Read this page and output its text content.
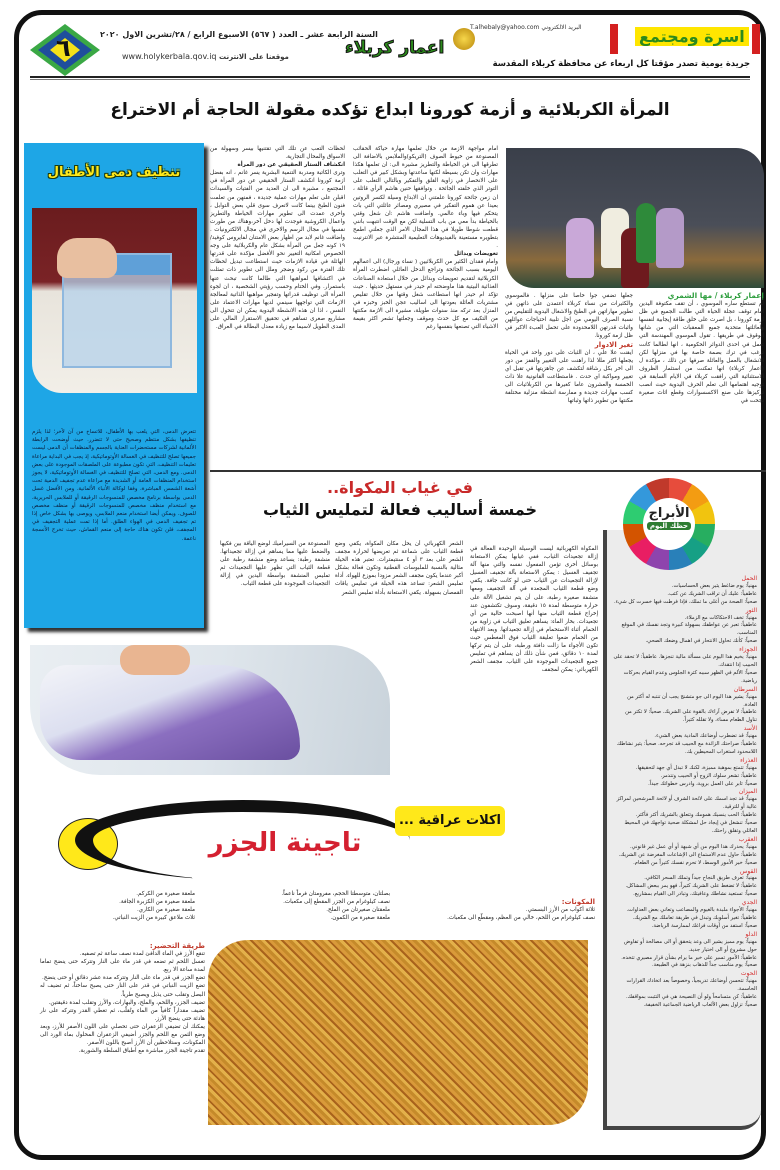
٦	السنة الرابعة عشر ـ العدد ( ٥٦٧) الاسبوع الرابع / ٢٨/تشرين الاول ٢٠٢٠
موقعنا على الانترنت www.holykerbala.qov.iq	اعمار كربلاء
البريد الالكتروني T.alhebaly@yahoo.com	اسرة ومجتمع
جريدة يومية تصدر مؤقتا كل اربعاء عن محافظة كربلاء المقدسة
المرأة الكربلائية و أزمة كورونا ابداع تؤكده مقولة الحاجة أم الاختراع
تنظيف دمى الأطفال
تتعرض الدمى، التي يلعب بها الأطفال، للاتساخ من آن لآخر؛ لذا يلزم تنظيفها بشكل منتظم وصحيح حتى لا تتضرر. حيث أوضحت الرابطة الألمانية لشركات مستحضرات العناية بالجسم والمنظفات أن الدمى ليست جميعها تصلح للتنظيف في الغسالة الأوتوماتيكية، إذ يجب في البداية مراعاة تعليمات التنظيف، التي تكون مطبوعة على الملصقات الموجودة على بعض الدمى. ومع الدمى، التي تصلح للتنظيف في الغسالة الأوتوماتيكية، لا يجوز استخدام المنظفات العامة أو الشديدة مع مراعاة عدم تجفيف الدمية تحت أشعة الشمس المباشرة، وفقا لوكالة الأنباء الألمانية. ومن الأفضل غسل الدمى بواسطة برنامج مخصص للمنسوجات الرقيقة أو للملابس الحريرية، مع استخدام منظف مخصص للمنسوجات الرقيقة أو منظف مخصص للصوف. ويمكن أيضا استخدام منعم الملابس، ويوصى بها بشكل خاص إذا تم تجفيف الدمى في الهواء الطلق. أما إذا تمت عملية التجفيف في المجفف، فلن تكون هناك حاجة إلى منعم القماش، حيث تخرج الأنسجة ناعمة.
لحظات التعب عن تلك التي تقتنيها بيسر وسهولة من الاسواق والمحال التجارية.
انكشاف الستار الحقيقي عن دور المرأة
وترى الكاتبة ومدربة التنمية البشرية يسر غانم ، انه بفضل ازمة كورونا انكشف الستار الحقيقي عن دور المرأة في المجتمع ، مشيرة الى ان العديد من الفتيات والسيدات اقبلن على تعلم مهارات عملية جديدة ، فمنهن من تعلمت فنون الطبخ بينما كانت لاتعرف سوى قلي بعض التوابل ، واخرى عمدت الى تطوير مهارات الخياطة والتطريز واعمال الكروشية فوجدت لها دخل آخر،وهناك من طورت نفسها في مجال الرسم والاخرى في مجال الالكترونيات . واضافت غانم لابد من اظهار بعض الامتنان لفايروس كوفيد/١٩ كونه جعل من المرأة بشكل عام والكربلائية على وجه الخصوص امكانية التغيير نحو الأفضل مؤكدة على قدرتها الهائلة في قيادة الازمات حيث استطاعت تبديل لحظات تلك الفترة من ركود وضجر وملل الى تطوير ذات تمثلت في اكتشافها لمواهبها التي طالما كانت تبحث عنها باستمرار. وفي الختام وحسب رؤيتي الشخصية ، ان لجوء المرأة الى توظيف قدراتها وتفجير مواهبها الذاتية لمعالجة الازمات التي تواجهها سينمي لديها مهارات الاعتماد على النفس ، اذا ان هذه الانشطة اليدوية يمكن ان تتحول الى مشاريع صغرى تساهم في تحقيق الاستقرار المالي على المدى الطويل لاسيما مع زيادة معدل البطالة في العراق.
امام مواجهة الازمة من خلال تعلمها مهارة حياكة الحقائب المصنوعة من خيوط الصوف (التريكو)والملابس بالاضافة الى تطرقها الى فن الخياطة والتطريز مشيرة الى: ان تعلمها هكذا مهارات وان تكن بسيطة لكنها ساعدتها وبشكل كبير في التغلب على الانحصار في زاوية القلق والتفكير وبالتالي التغلب على التوتر الذي خلفته الجائحة . وتوافقها حنين هاشم الرأي قائلة ، ان زمن جائحة كورونا علمتني ان الابداع وسيلة لكسر الروتين بعيدا عن هموم التفكير في مصيري ومصائر عائلتي التي بات يتحكم فيها وباء عالمي. واضافت هاشم :ان شغل وقتي بالخياطة بدأ معي من باب التسلية لكن مع الوقت انتبهت بانني قطعت شوطا طويلا في هذا المجال الامر الذي جعلني اطمح بتطويره مستعينة بالفيديوهات التعليمية المنتشرة عبر الانترنيت .
تعويضات وبدائل
وامام فقدان الكثير من الكربلائيين ( نساء ورجال) الى اعمالهم اليومية بسبب الجائحة وتراجع الدخل العائلي اضطرت المرأة الكربلائية لتقديم تعويضات وبدائل من خلال استعادة الصناعات الغذائية البيتية هذا ماوضحته ام حيدر في مستهل حديثها . حيث تؤكد ام حيدر انها استطاعت شغل وقتها من خلال تقليص مشتريات العائلة بعودتها الى اساليب عجن الخبز وخبزه في المنزل بعد تركه منذ سنوات طويلة، مشيرة الى الازمة مكنتها من التكيف مع كل حدث وموقف وجعلتها تشعر اكثر بقيمة الاشياء التي تصنعها بنفسها رغم
إعمار كربلاء / مها الشمري
لم تستطع ساره الموسوي ، أن تقف مكتوفة اليدين امام توقف عجلة الحياة التي طالت الجميع في ظل ازمة كورونا ، بل اصرت على خلق طاقة إيجابية لنفسها ولعائلتها متحدية جميع المعقبات التي من شانها الوقوف في طريقها . تقول الموسوي المهندسة التي تعمل في احدى الدوائر الحكومية ، انها لطالما كانت ترغب في ترك بصمة خاصة بها في منزلها لكن الانشغال بالعمل والعائلة صرفها عن ذلك ، مؤكدة ل (اعمار كربلاء) انها تمكنت من استثمار الظروف الاستثنائية التي رافقت كربلاء في الايام السابقة في توجيه اهتمامها الى تعلم الحرف اليدوية حيث انصب تركيزها على صنع الاكسسوارات وقطع اثاث صغيرة نجحت في
جعلها تضفي جوا خاصا على منزلها . فالموسوي والكثيرات من نساء كربلاء اعتمدن على ذاتهن في تطوير مهاراتهن في الطبخ والاشغال اليدوية للتقليص من نسبة الصرف اليومي من اجل تلبية احتياجات عوائلهن واثبات قدرتهن اللامحدودة على تحمل العبء الاكبر في ظل ازمة كورونا.
تغير الادوار
ايقنت علا علي ، ان الثبات على دور واحد في الحياة يجعلها اكثر مللا لذا راهنت على التغيير والقفز من دور الى اخر بكل رشاقة لتكشف عن جاهزيتها في تقبل اي تغيير ومواكبة اي حدث . فاستطاعت القانونية علا ذات الخمسة والعشرون عاما كغيرها من الكربلائيات الى كسب مهارات جديدة و ممارسة انشطة منزلية مختلفة مكنتها من تطوير ذاتها وثباتها
في غياب المكواة..
خمسة أساليب فعالة لتمليس الثياب
المكواة الكهربائية ليست الوسيلة الوحيدة الفعالة في إزالة تجعيدات الثياب، ففي غيابها يمكن الاستعانة بوسائل أخرى تؤمن المفعول نفسه والتي منها آلة تجفيف الغسيل : يمكن الاستعانة بآلة تجفيف الغسيل لإزالة التجعيدات عن الثياب حتى لو كانت جافة. يكفي وضع قطعة الثياب المجعدة في آلة التجفيف ومعها منشفة صغيرة رطبة، على أن يتم تشغيل الآلة على حرارة متوسطة لمدة ١٥ دقيقة، وسوف تكتشفون عند إخراج قطعة الثياب منها أنها اصبحت خالية من أي تجعيدات. بخار الماء: يساهم تعليق الثياب في زاوية من الحمام أثناء الاستحمام في إزالة تجعيداتها. وبعد الانتهاء من الحمام ضعوا تعليقة الثياب فوق المغطس حيث تكون الأجواء ما زالت دافئة ورطبة، على أن يتم تركها لمدة ١٠ دقائق، فمن شأن ذلك أن يساهم في تمليس جميع التجعيدات الموجودة على الثياب. مجفف الشعر الكهربائي: يمكن لمجفف
الشعر الكهربائي أن يحل مكان المكواة، يكفي وضع قطعة الثياب على شماعة ثم تعريضها لحرارة مجفف الشعر على بعد ٣ أو ٤ سنتيمترات. تعتبر هذه الحيلة مثالية بالنسبة للملبوسات القطنية وتكون فعالة بشكل أكبر عندما يكون مجفف الشعر مزودا بموزع للهواء. أداة تمليس الشعر: تساعد هذه الحيلة في تمليس ياقات القمصان بسهولة. يكفي الاستعانة بأداة تمليس الشعر
المصنوعة من السيراميك لوضع الياقة بين فكيها والضغط عليها مما يساهم في إزالة تجعيداتها. منشفة رطبة: يساعد وضع منشفة رطبة على قطعة الثياب التي تظهر عليها التجعيدات ثم تمليس المنشفة بواسطة اليدين في إزالة التجعيدات الموجودة على قطعة الثياب.
الحمل
مهنياً: يوم ضاغط يثير بعض الحساسيات.
عاطفياً: عليك أن تراقب الشريك عن كثب.
صحياً: الصحة من أغلى ما تملك، فإذا فرطت فيها خسرت كل شيء.
الثور
مهنياً: تخف الاحتكاكات مع الزملاء.
عاطفياً: تعبر عن عواطفك بسهولة كبيرة وتجد نفسك في الموقع المناسب.
صحياً: كأنك تحاول الانتحار في اهمال وضعك الصحي.
الجوزاء
مهنياً: يخيم هذا اليوم على مسألة مالية تنجزها. عاطفياً: لا تحقد على الحبيب إذا انتقدك.
صحياً: الألم في الظهر سببه كثرة الجلوس وعدم القيام بحركات رياضية.
السرطان
مهنياً: يشير هذا اليوم الى جو متشنج يجب أن تنتبه له أكثر من العادة.
عاطفياً: لا تفرض آراءك بالقوة على الشريك. صحياً: لا تكثر من تناول الطعام مساء، ولا تقلله كثيراً.
الأسد
مهنياً: قد تضطرب أوضاعك المادية بعض الشيء.
عاطفياً: صراحتك الزائدة مع الحبيب قد تجرحه. صحياً: يثير نشاطك اللامحدود استغراب المحيطين بك.
العذراء
مهنياً: تتمتع بموهبة مميزة، لكنك لا تبذل أي جهد لتحقيقها.
عاطفياً: تشعر سلوك الزوج أو الحبيب وتتذمر.
صحياً: ثابر على العمل بروية، وادرس خطواتك جيداً.
الميزان
مهنياً: قد تجد اسمك على لائحة الشرف أو لائحة المرشحين لمراكز عالية أو للترقية.
عاطفياً: الحب ينسيك همومك وتتعلق بالشريك أكثر فأكثر.
صحياً: تنشغل في إيجاد حل لمشكلة صحية تواجهك في المحيط العائلي وتقلق راحتك.
العقرب
مهنياً: يحذرك هذا اليوم من أي شبهة أو أي عمل غير قانوني.
عاطفياً: حاول عدم الاستماع الى الإشاعات المغرضة عن الشريك.
صحياً: خير الأمور الوسط، لا تحرم نفسك كثيراً من الطعام.
القوس
مهنياً: تعرف طريق النجاح جيداً وتملك السحر الكافي.
عاطفياً: لا تضغط على الشريك كثيراً، فهو يمر ببعض المشاكل.
صحياً: تستعيد نشاطك وعافيتك، وتبادر الى القيام بمشاريع.
الجدي
مهنياً: الأجواء ملبدة بالغيوم والمصاعب وتعاني بعض العداوات.
عاطفياً: تغير أسلوبك وتبدل في طريقة تعاملك مع الشريك.
صحياً: استفد من أوقات فراغك لممارسة الرياضة.
الدلو
مهنياً: يوم مميز يشير الى وعد يتحقق أو الى مصالحة أو تفاوض حول مشروع أو الى اختيار جديد.
عاطفياً: الأمور تسير على خير ما يرام بشأن قرار مصيري تتخذه.
صحياً: يوم مناسب جداً للذهاب بنزهة في الطبيعة.
الحوت
مهنياً: تتحسن أوضاعك تدريجياً، وخصوصاً بعد اتخاذك القرارات الحاسمة.
عاطفياً: كن متسامحاً ولو أن النصيحة هي في التثبت بمواقفك.
صحياً: تزاول بعض الألعاب الرياضية الجماعية الخفيفة.
الأبراج
حظك اليوم
اكلات عراقية ...
تاجينة الجزر
المكونات:
ثلاثة أكواب من الأرز البسمتي.
نصف كيلوغرام من اللحم، خالي من العظم، ومقطّع الى مكعبات.
بصلتان، متوسطتا الحجم، مفرومتان فرماً ناعماً.
نصف كيلوغرام من الجزر المقطع إلى مكعبات.
ملعقتان صغيرتان من الملح.
ملعقة صغيرة من الكمون.
ملعقة صغيرة من الكركم.
ملعقة صغيرة من الكزبرة الجافة.
ملعقة صغيرة من الكاري.
ثلاث ملاعق كبيرة من الزيت النباتي.
طريقة التحضير:
تنقع الأرز في الماء الدافئ لمدة نصف ساعة ثم تصفيه.
تغسل اللحم ثم تضعه في قدر ماء على النار وتتركه حتى ينضج تماما لمدة ساعة الا ربع.
تضع الجزر في قدر ماء على النار وتتركه مدة عشر دقائق أو حتى ينضج.
تضع الزيت النباتي في قدر على النار حتى يصبح ساخناً، ثم تضيف له البصل وتقلب حتى يذبل ويصبح طرياً.
تضيف الجزر، واللحم، والملح، والبهارات، والأرز وتقلب لمدة دقيقتين.
تضيف مقداراً كافياً من الماء وتُقلّب، ثم تغطي القدر وتتركه على نار هادئة حتى ينضج الأرز.
يمكنك أن تضيفي الزعفران حتى تحصلي على اللون الأصفر للأرز، وبعد وضع الثمن مع اللحم والجزر أضيفي الزعفران المحلول بماء الورد الى المكونات، وستلاحظين أن الأرز أصبح باللون الأصفر.
تقدم تاجينة الجزر مباشرة مع أطباق السلطة والشوربة.
